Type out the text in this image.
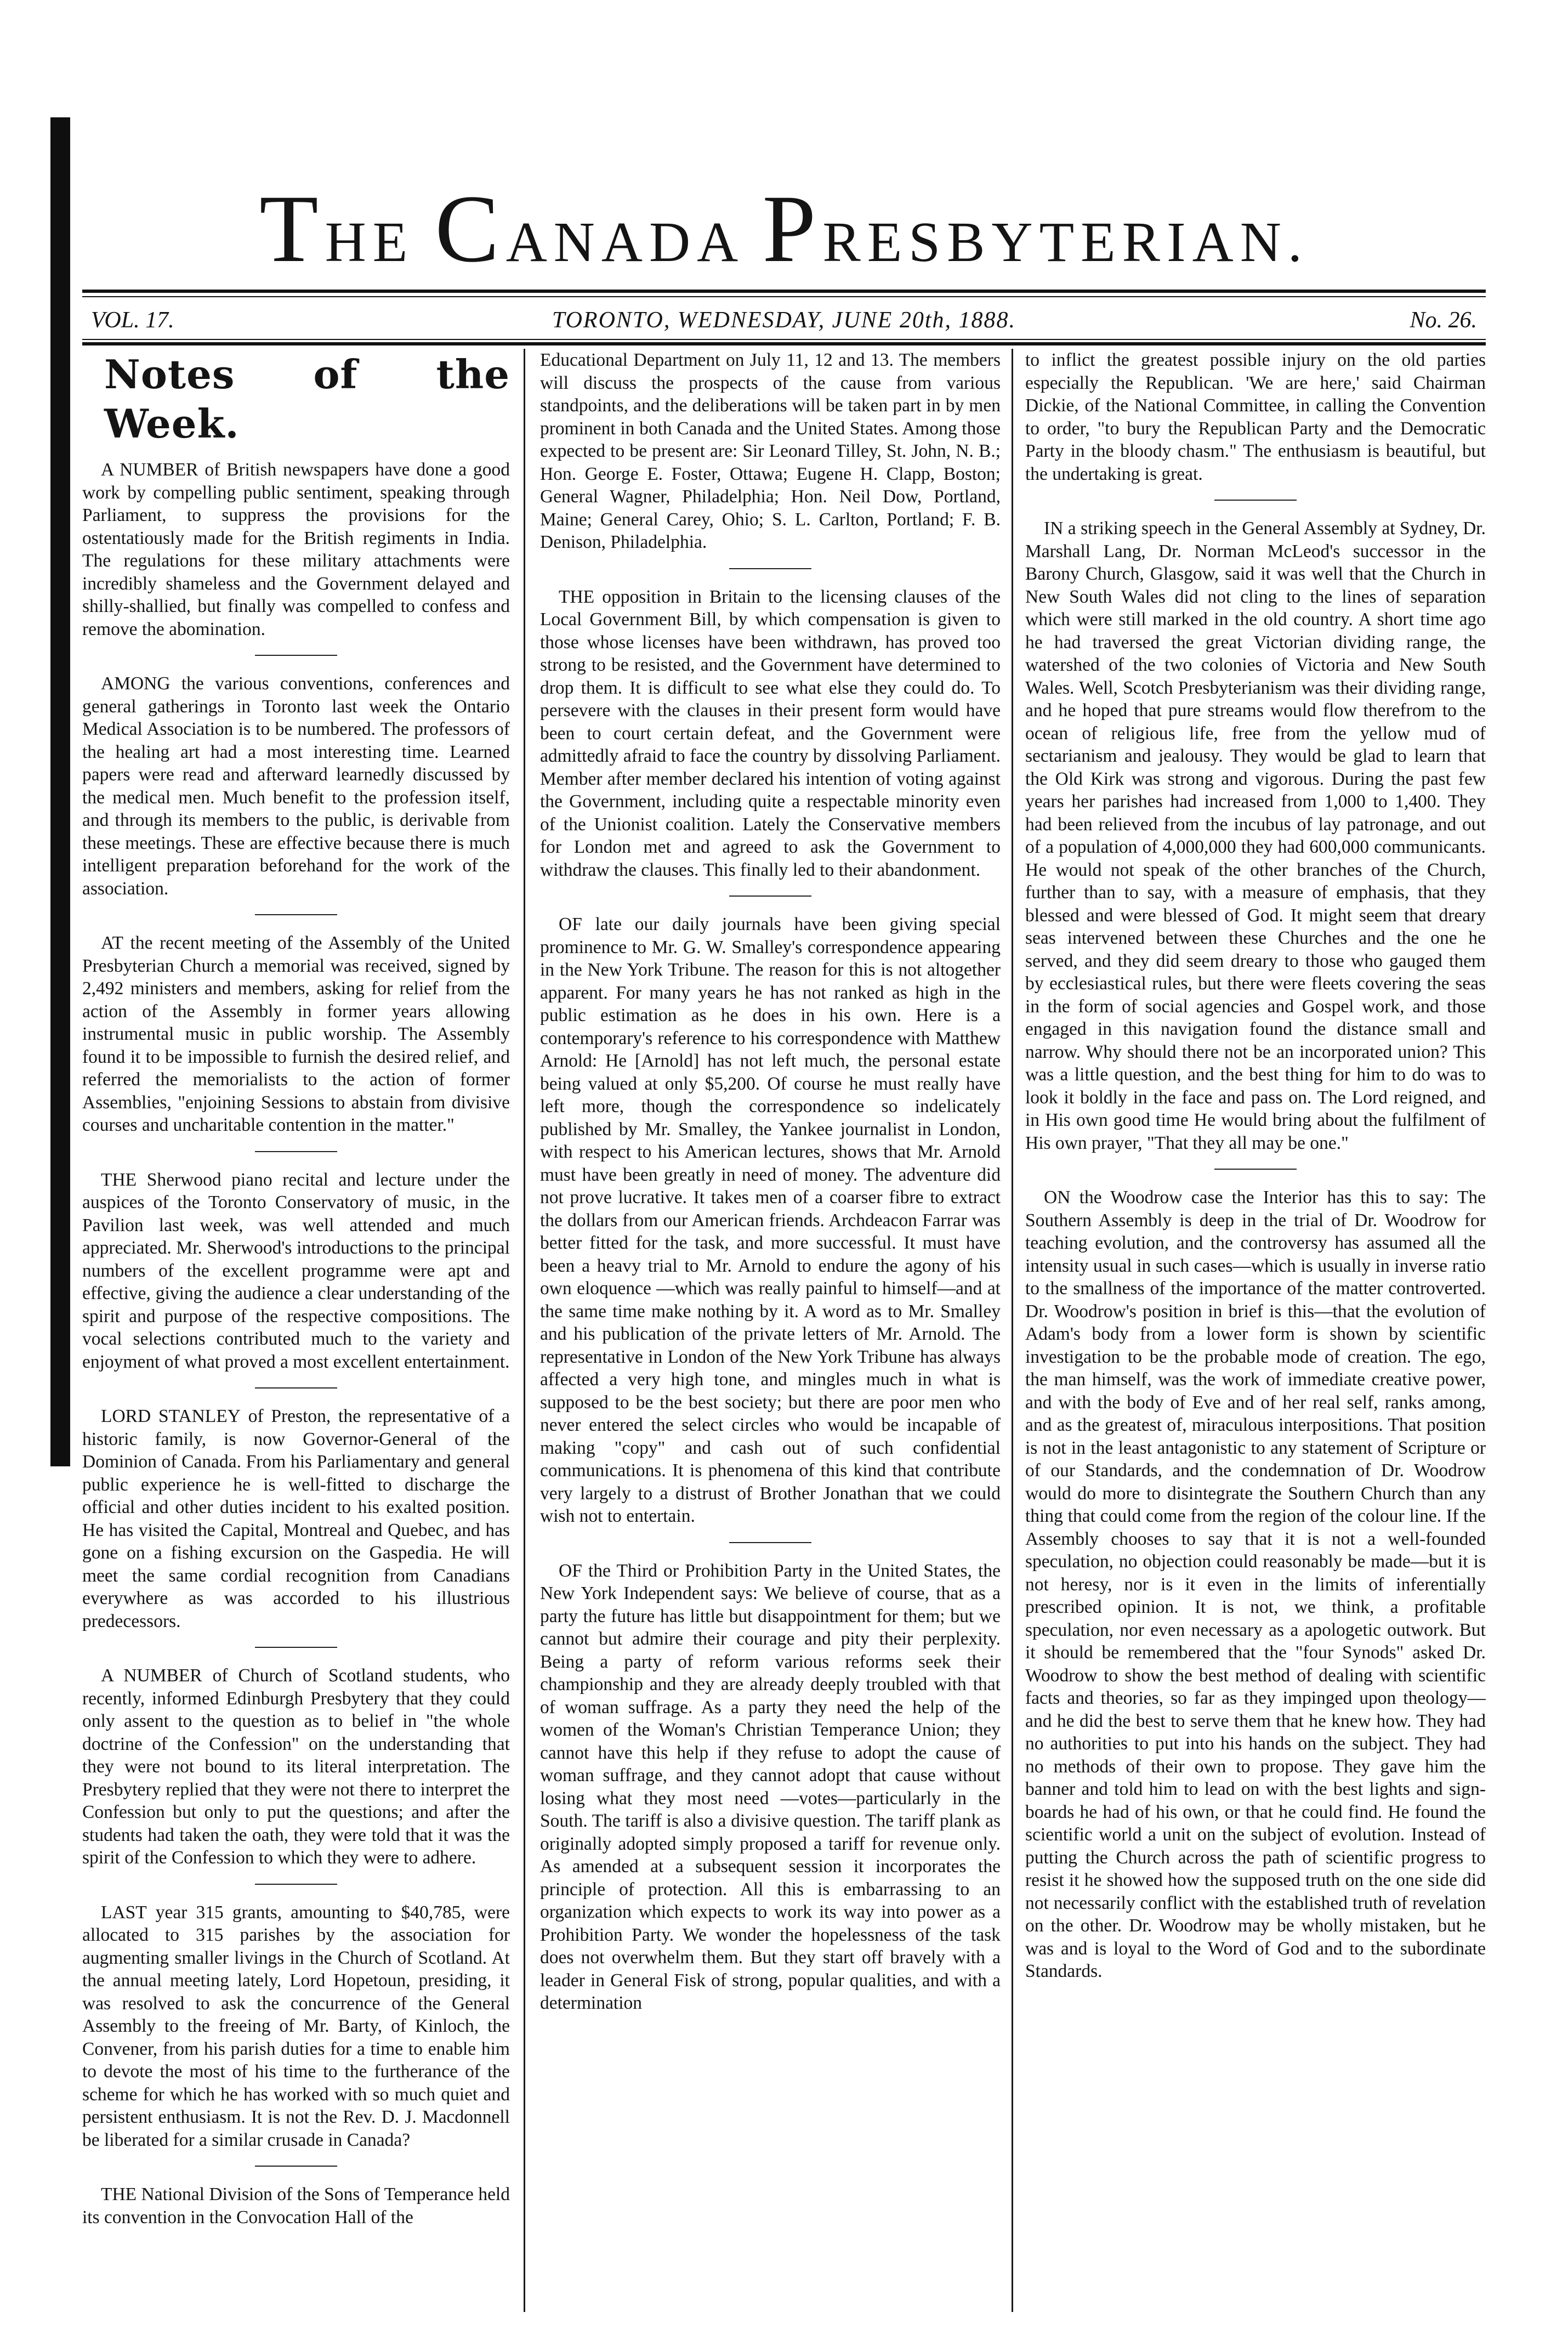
THE CANADA PRESBYTERIAN.
VOL. 17.	TORONTO, WEDNESDAY, JUNE 20th, 1888.	No. 26.
Notes of the Week.

A NUMBER of British newspapers have done a good work by compelling public sentiment, speaking through Parliament, to suppress the provisions for the ostentatiously made for the British regiments in India. The regulations for these military attachments were incredibly shameless and the Government delayed and shilly-shallied, but finally was compelled to confess and remove the abomination.

AMONG the various conventions, conferences and general gatherings in Toronto last week the Ontario Medical Association is to be numbered. The professors of the healing art had a most interesting time. Learned papers were read and afterward learnedly discussed by the medical men. Much benefit to the profession itself, and through its members to the public, is derivable from these meetings. These are effective because there is much intelligent preparation beforehand for the work of the association.

AT the recent meeting of the Assembly of the United Presbyterian Church a memorial was received, signed by 2,492 ministers and members, asking for relief from the action of the Assembly in former years allowing instrumental music in public worship. The Assembly found it to be impossible to furnish the desired relief, and referred the memorialists to the action of former Assemblies, "enjoining Sessions to abstain from divisive courses and uncharitable contention in the matter."

THE Sherwood piano recital and lecture under the auspices of the Toronto Conservatory of music, in the Pavilion last week, was well attended and much appreciated. Mr. Sherwood's introductions to the principal numbers of the excellent programme were apt and effective, giving the audience a clear understanding of the spirit and purpose of the respective compositions. The vocal selections contributed much to the variety and enjoyment of what proved a most excellent entertainment.

LORD STANLEY of Preston, the representative of a historic family, is now Governor-General of the Dominion of Canada. From his Parliamentary and general public experience he is well-fitted to discharge the official and other duties incident to his exalted position. He has visited the Capital, Montreal and Quebec, and has gone on a fishing excursion on the Gaspedia. He will meet the same cordial recognition from Canadians everywhere as was accorded to his illustrious predecessors.

A NUMBER of Church of Scotland students, who recently, informed Edinburgh Presbytery that they could only assent to the question as to belief in "the whole doctrine of the Confession" on the understanding that they were not bound to its literal interpretation. The Presbytery replied that they were not there to interpret the Confession but only to put the questions; and after the students had taken the oath, they were told that it was the spirit of the Confession to which they were to adhere.

LAST year 315 grants, amounting to $40,785, were allocated to 315 parishes by the association for augmenting smaller livings in the Church of Scotland. At the annual meeting lately, Lord Hopetoun, presiding, it was resolved to ask the concurrence of the General Assembly to the freeing of Mr. Barty, of Kinloch, the Convener, from his parish duties for a time to enable him to devote the most of his time to the furtherance of the scheme for which he has worked with so much quiet and persistent enthusiasm. It is not the Rev. D. J. Macdonnell be liberated for a similar crusade in Canada?

THE National Division of the Sons of Temperance held its convention in the Convocation Hall of the

Educational Department on July 11, 12 and 13. The members will discuss the prospects of the cause from various standpoints, and the deliberations will be taken part in by men prominent in both Canada and the United States. Among those expected to be present are: Sir Leonard Tilley, St. John, N. B.; Hon. George E. Foster, Ottawa; Eugene H. Clapp, Boston; General Wagner, Philadelphia; Hon. Neil Dow, Portland, Maine; General Carey, Ohio; S. L. Carlton, Portland; F. B. Denison, Philadelphia.

THE opposition in Britain to the licensing clauses of the Local Government Bill, by which compensation is given to those whose licenses have been withdrawn, has proved too strong to be resisted, and the Government have determined to drop them. It is difficult to see what else they could do. To persevere with the clauses in their present form would have been to court certain defeat, and the Government were admittedly afraid to face the country by dissolving Parliament. Member after member declared his intention of voting against the Government, including quite a respectable minority even of the Unionist coalition. Lately the Conservative members for London met and agreed to ask the Government to withdraw the clauses. This finally led to their abandonment.

OF late our daily journals have been giving special prominence to Mr. G. W. Smalley's correspondence appearing in the New York Tribune. The reason for this is not altogether apparent. For many years he has not ranked as high in the public estimation as he does in his own. Here is a contemporary's reference to his correspondence with Matthew Arnold: He [Arnold] has not left much, the personal estate being valued at only $5,200. Of course he must really have left more, though the correspondence so indelicately published by Mr. Smalley, the Yankee journalist in London, with respect to his American lectures, shows that Mr. Arnold must have been greatly in need of money. The adventure did not prove lucrative. It takes men of a coarser fibre to extract the dollars from our American friends. Archdeacon Farrar was better fitted for the task, and more successful. It must have been a heavy trial to Mr. Arnold to endure the agony of his own eloquence —which was really painful to himself—and at the same time make nothing by it. A word as to Mr. Smalley and his publication of the private letters of Mr. Arnold. The representative in London of the New York Tribune has always affected a very high tone, and mingles much in what is supposed to be the best society; but there are poor men who never entered the select circles who would be incapable of making "copy" and cash out of such confidential communications. It is phenomena of this kind that contribute very largely to a distrust of Brother Jonathan that we could wish not to entertain.

OF the Third or Prohibition Party in the United States, the New York Independent says: We believe of course, that as a party the future has little but disappointment for them; but we cannot but admire their courage and pity their perplexity. Being a party of reform various reforms seek their championship and they are already deeply troubled with that of woman suffrage. As a party they need the help of the women of the Woman's Christian Temperance Union; they cannot have this help if they refuse to adopt the cause of woman suffrage, and they cannot adopt that cause without losing what they most need —votes—particularly in the South. The tariff is also a divisive question. The tariff plank as originally adopted simply proposed a tariff for revenue only. As amended at a subsequent session it incorporates the principle of protection. All this is embarrassing to an organization which expects to work its way into power as a Prohibition Party. We wonder the hopelessness of the task does not overwhelm them. But they start off bravely with a leader in General Fisk of strong, popular qualities, and with a determination

to inflict the greatest possible injury on the old parties especially the Republican. 'We are here,' said Chairman Dickie, of the National Committee, in calling the Convention to order, "to bury the Republican Party and the Democratic Party in the bloody chasm." The enthusiasm is beautiful, but the undertaking is great.

IN a striking speech in the General Assembly at Sydney, Dr. Marshall Lang, Dr. Norman McLeod's successor in the Barony Church, Glasgow, said it was well that the Church in New South Wales did not cling to the lines of separation which were still marked in the old country. A short time ago he had traversed the great Victorian dividing range, the watershed of the two colonies of Victoria and New South Wales. Well, Scotch Presbyterianism was their dividing range, and he hoped that pure streams would flow therefrom to the ocean of religious life, free from the yellow mud of sectarianism and jealousy. They would be glad to learn that the Old Kirk was strong and vigorous. During the past few years her parishes had increased from 1,000 to 1,400. They had been relieved from the incubus of lay patronage, and out of a population of 4,000,000 they had 600,000 communicants. He would not speak of the other branches of the Church, further than to say, with a measure of emphasis, that they blessed and were blessed of God. It might seem that dreary seas intervened between these Churches and the one he served, and they did seem dreary to those who gauged them by ecclesiastical rules, but there were fleets covering the seas in the form of social agencies and Gospel work, and those engaged in this navigation found the distance small and narrow. Why should there not be an incorporated union? This was a little question, and the best thing for him to do was to look it boldly in the face and pass on. The Lord reigned, and in His own good time He would bring about the fulfilment of His own prayer, "That they all may be one."

ON the Woodrow case the Interior has this to say: The Southern Assembly is deep in the trial of Dr. Woodrow for teaching evolution, and the controversy has assumed all the intensity usual in such cases—which is usually in inverse ratio to the smallness of the importance of the matter controverted. Dr. Woodrow's position in brief is this—that the evolution of Adam's body from a lower form is shown by scientific investigation to be the probable mode of creation. The ego, the man himself, was the work of immediate creative power, and with the body of Eve and of her real self, ranks among, and as the greatest of, miraculous interpositions. That position is not in the least antagonistic to any statement of Scripture or of our Standards, and the condemnation of Dr. Woodrow would do more to disintegrate the Southern Church than any thing that could come from the region of the colour line. If the Assembly chooses to say that it is not a well-founded speculation, no objection could reasonably be made—but it is not heresy, nor is it even in the limits of inferentially prescribed opinion. It is not, we think, a profitable speculation, nor even necessary as a apologetic outwork. But it should be remembered that the "four Synods" asked Dr. Woodrow to show the best method of dealing with scientific facts and theories, so far as they impinged upon theology—and he did the best to serve them that he knew how. They had no authorities to put into his hands on the subject. They had no methods of their own to propose. They gave him the banner and told him to lead on with the best lights and sign-boards he had of his own, or that he could find. He found the scientific world a unit on the subject of evolution. Instead of putting the Church across the path of scientific progress to resist it he showed how the supposed truth on the one side did not necessarily conflict with the established truth of revelation on the other. Dr. Woodrow may be wholly mistaken, but he was and is loyal to the Word of God and to the subordinate Standards.
